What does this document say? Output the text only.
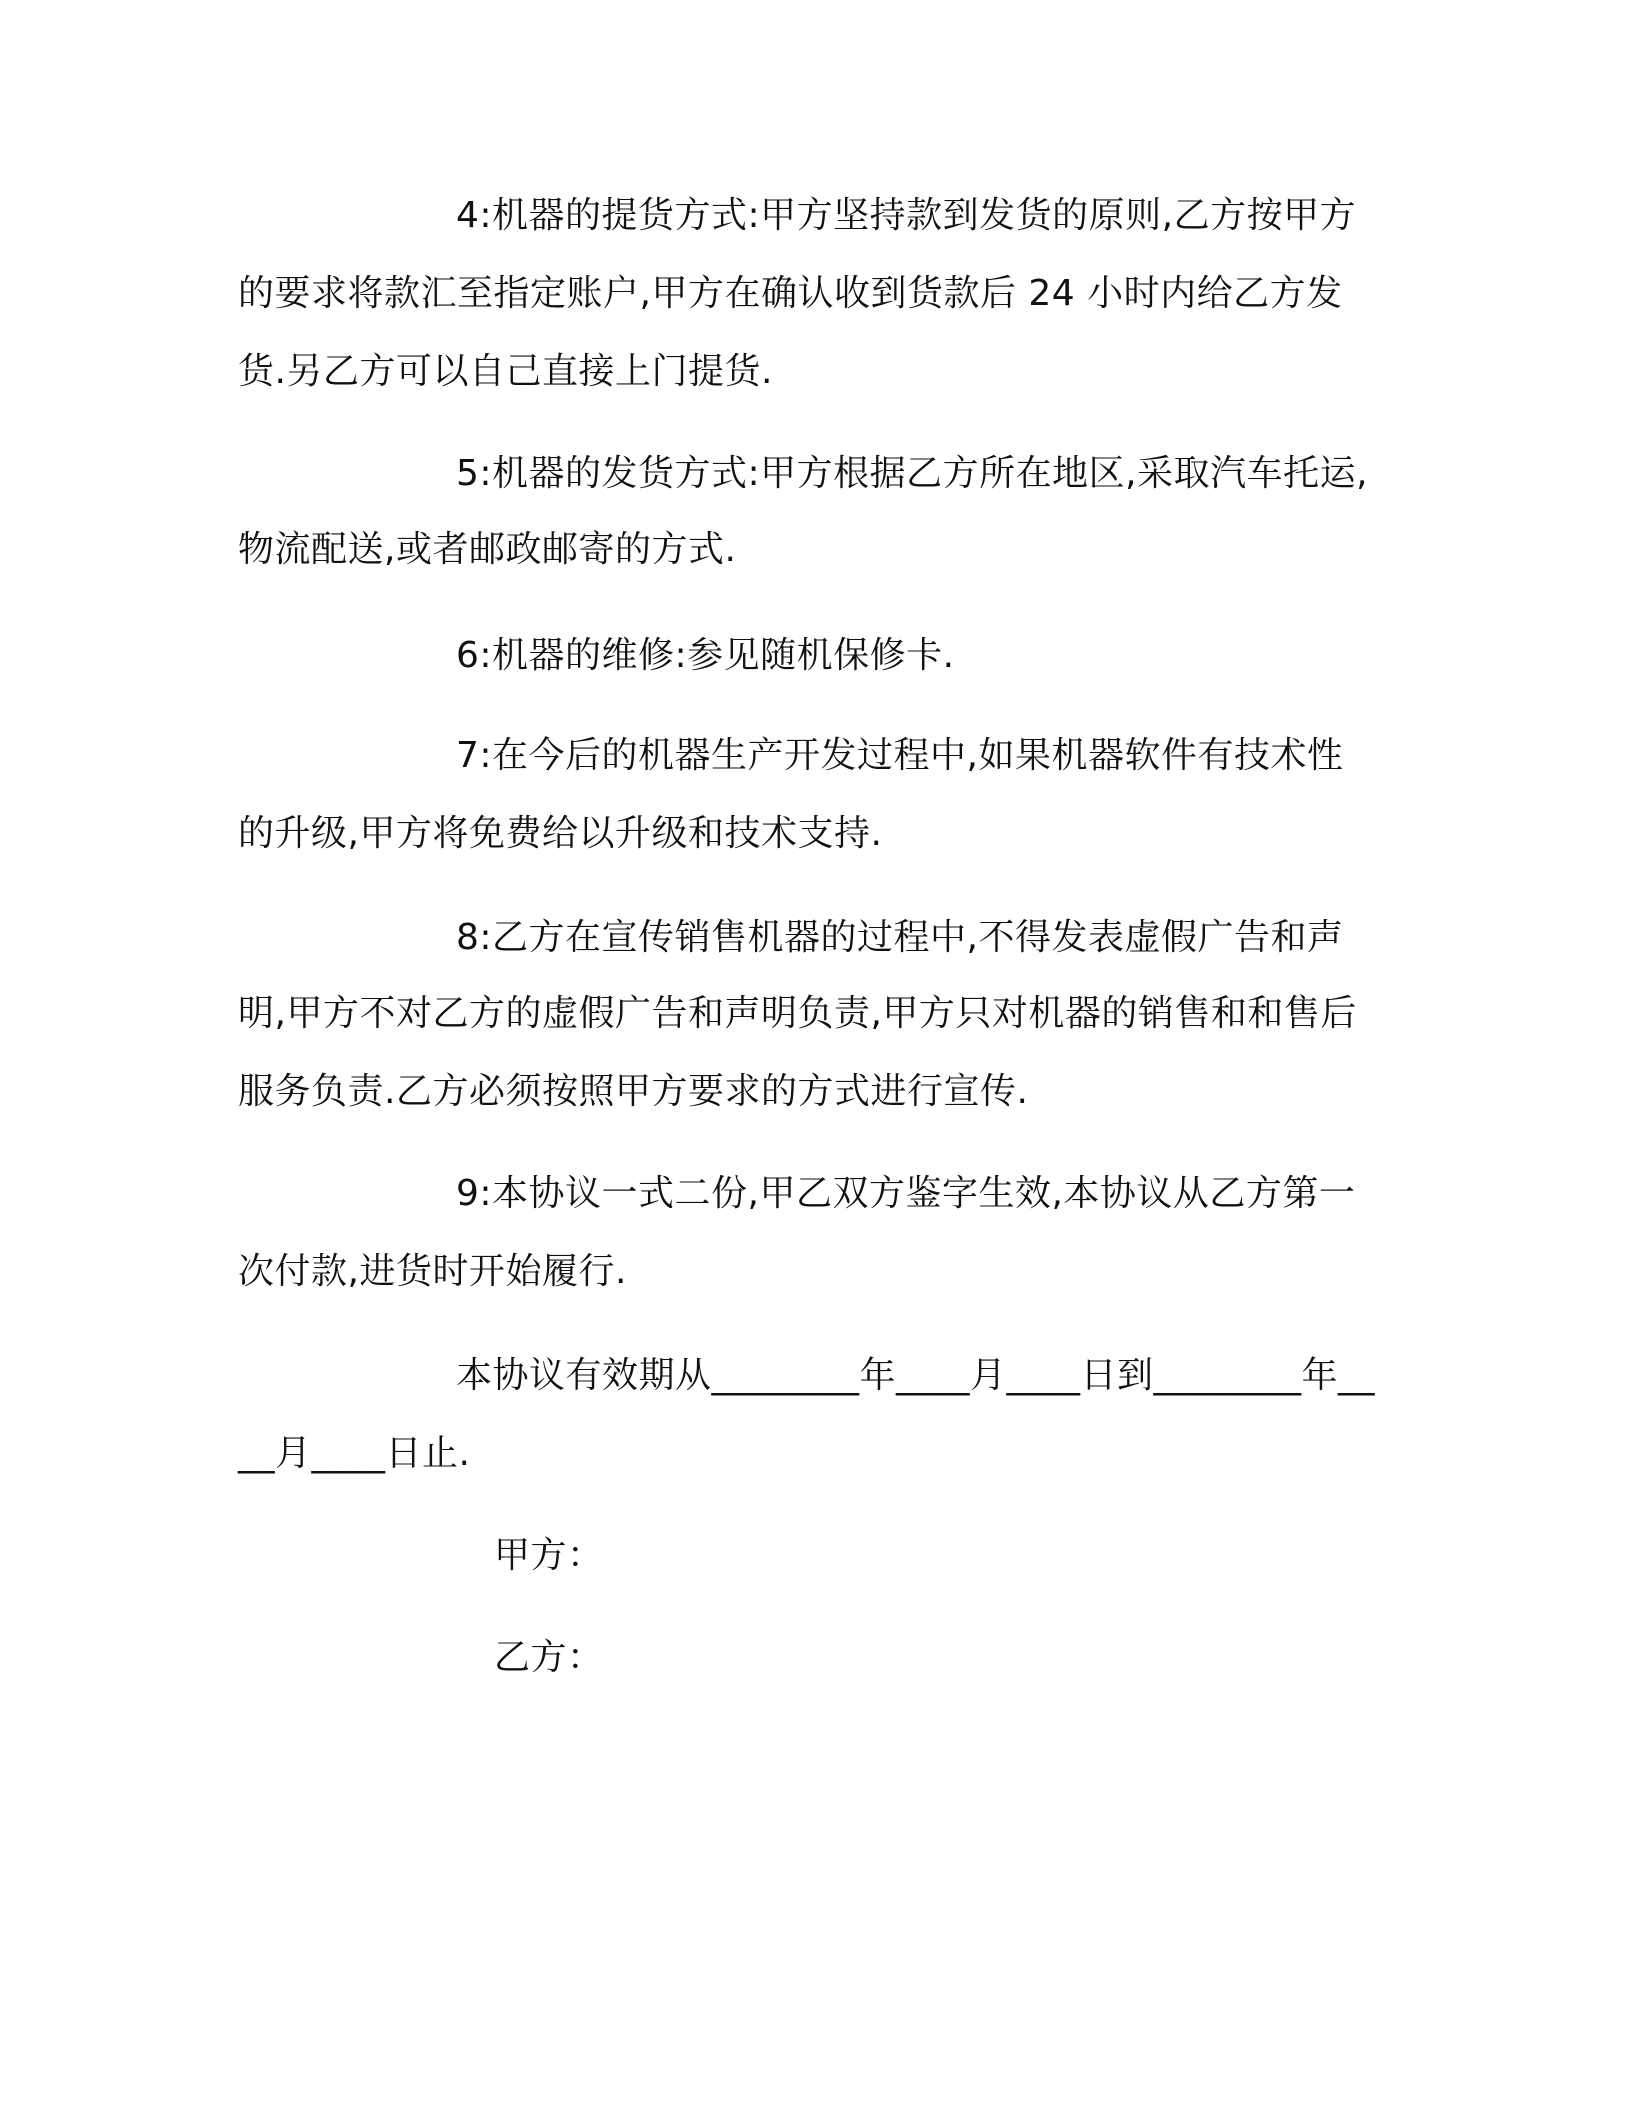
4:机器的提货方式:甲方坚持款到发货的原则,乙方按甲方
的要求将款汇至指定账户,甲方在确认收到货款后 24 小时内给乙方发
货.另乙方可以自己直接上门提货.
5:机器的发货方式:甲方根据乙方所在地区,采取汽车托运,
物流配送,或者邮政邮寄的方式.
6:机器的维修:参见随机保修卡.
7:在今后的机器生产开发过程中,如果机器软件有技术性
的升级,甲方将免费给以升级和技术支持.
8:乙方在宣传销售机器的过程中,不得发表虚假广告和声
明,甲方不对乙方的虚假广告和声明负责,甲方只对机器的销售和和售后
服务负责.乙方必须按照甲方要求的方式进行宣传.
9:本协议一式二份,甲乙双方鉴字生效,本协议从乙方第一
次付款,进货时开始履行.
本协议有效期从________年____月____日到________年__
__月____日止.
甲方：
乙方：
